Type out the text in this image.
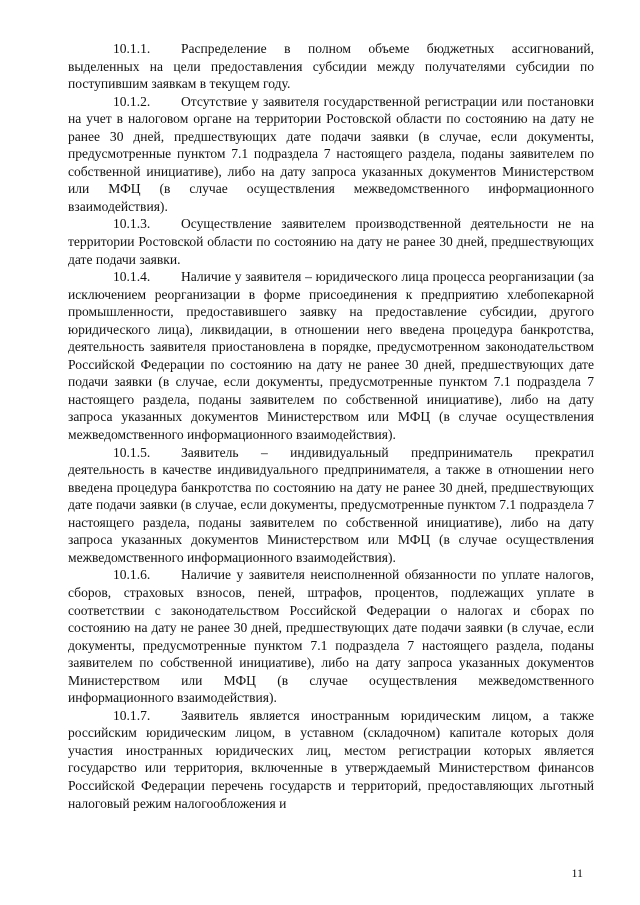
10.1.1. Распределение в полном объеме бюджетных ассигнований, выделенных на цели предоставления субсидии между получателями субсидии по поступившим заявкам в текущем году.

10.1.2. Отсутствие у заявителя государственной регистрации или постановки на учет в налоговом органе на территории Ростовской области по состоянию на дату не ранее 30 дней, предшествующих дате подачи заявки (в случае, если документы, предусмотренные пунктом 7.1 подраздела 7 настоящего раздела, поданы заявителем по собственной инициативе), либо на дату запроса указанных документов Министерством или МФЦ (в случае осуществления межведомственного информационного взаимодействия).

10.1.3. Осуществление заявителем производственной деятельности не на территории Ростовской области по состоянию на дату не ранее 30 дней, предшествующих дате подачи заявки.

10.1.4. Наличие у заявителя – юридического лица процесса реорганизации (за исключением реорганизации в форме присоединения к предприятию хлебопекарной промышленности, предоставившего заявку на предоставление субсидии, другого юридического лица), ликвидации, в отношении него введена процедура банкротства, деятельность заявителя приостановлена в порядке, предусмотренном законодательством Российской Федерации по состоянию на дату не ранее 30 дней, предшествующих дате подачи заявки (в случае, если документы, предусмотренные пунктом 7.1 подраздела 7 настоящего раздела, поданы заявителем по собственной инициативе), либо на дату запроса указанных документов Министерством или МФЦ (в случае осуществления межведомственного информационного взаимодействия).

10.1.5. Заявитель – индивидуальный предприниматель прекратил деятельность в качестве индивидуального предпринимателя, а также в отношении него введена процедура банкротства по состоянию на дату не ранее 30 дней, предшествующих дате подачи заявки (в случае, если документы, предусмотренные пунктом 7.1 подраздела 7 настоящего раздела, поданы заявителем по собственной инициативе), либо на дату запроса указанных документов Министерством или МФЦ (в случае осуществления межведомственного информационного взаимодействия).

10.1.6. Наличие у заявителя неисполненной обязанности по уплате налогов, сборов, страховых взносов, пеней, штрафов, процентов, подлежащих уплате в соответствии с законодательством Российской Федерации о налогах и сборах по состоянию на дату не ранее 30 дней, предшествующих дате подачи заявки (в случае, если документы, предусмотренные пунктом 7.1 подраздела 7 настоящего раздела, поданы заявителем по собственной инициативе), либо на дату запроса указанных документов Министерством или МФЦ (в случае осуществления межведомственного информационного взаимодействия).

10.1.7. Заявитель является иностранным юридическим лицом, а также российским юридическим лицом, в уставном (складочном) капитале которых доля участия иностранных юридических лиц, местом регистрации которых является государство или территория, включенные в утверждаемый Министерством финансов Российской Федерации перечень государств и территорий, предоставляющих льготный налоговый режим налогообложения и

11
